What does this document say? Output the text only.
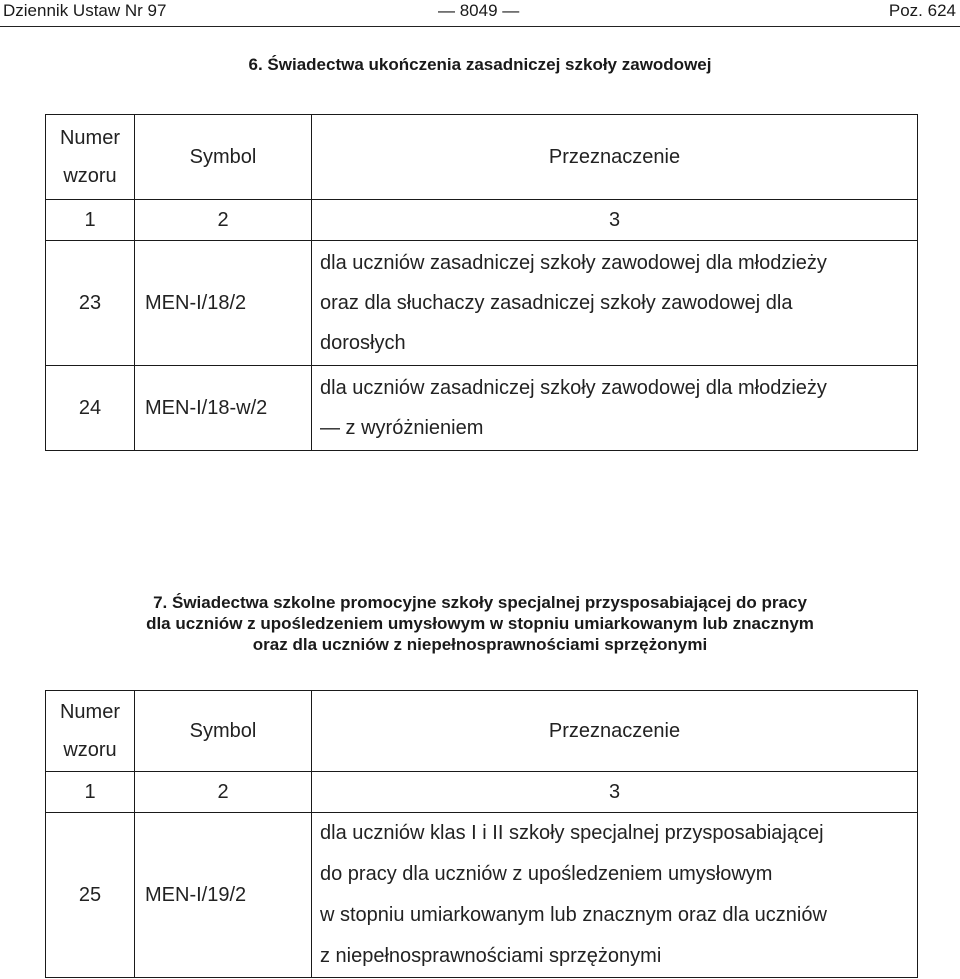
Dziennik Ustaw Nr 97	— 8049 —	Poz. 624
6. Świadectwa ukończenia zasadniczej szkoły zawodowej
Numer
wzoru	Symbol	Przeznaczenie
1	2	3
23	MEN-I/18/2	dla uczniów zasadniczej szkoły zawodowej dla młodzieży
oraz dla słuchaczy zasadniczej szkoły zawodowej dla
dorosłych

24	MEN-I/18-w/2	dla uczniów zasadniczej szkoły zawodowej dla młodzieży
— z wyróżnieniem
7. Świadectwa szkolne promocyjne szkoły specjalnej przysposabiającej do pracy
dla uczniów z upośledzeniem umysłowym w stopniu umiarkowanym lub znacznym
oraz dla uczniów z niepełnosprawnościami sprzężonymi
Numer
wzoru	Symbol	Przeznaczenie
1	2	3
25	MEN-I/19/2	dla uczniów klas I i II szkoły specjalnej przysposabiającej
do pracy dla uczniów z upośledzeniem umysłowym
w stopniu umiarkowanym lub znacznym oraz dla uczniów
z niepełnosprawnościami sprzężonymi
